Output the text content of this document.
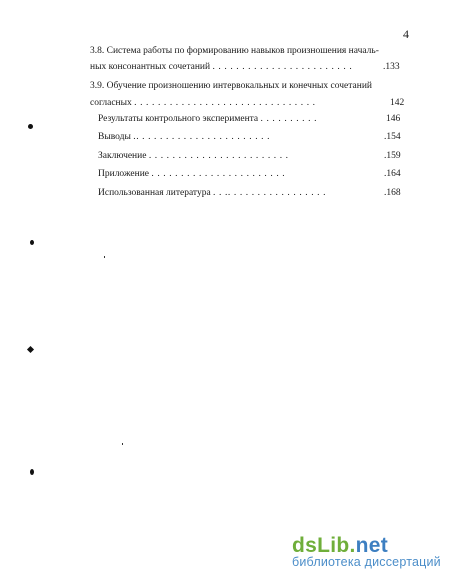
4
3.8. Система работы по формированию навыков произношения началь-
ных консонантных сочетаний . . . . . . . . . . . . . . . . . . . . . . . .	.133
3.9. Обучение произношению интервокальных и конечных сочетаний
согласных . . . . . . . . . . . . . . . . . . . . . . . . . . . . . . .	142
Результаты контрольного эксперимента . . . . . . . . . .	146
Выводы .. . . . . . . . . . . . . . . . . . . . . . .	.154
Заключение . . . . . . . . . . . . . . . . . . . . . . . .	.159
Приложение . . . . . . . . . . . . . . . . . . . . . . .	.164
Использованная литература . . .. . . . . . . . . . . . . . . . .	.168
dsLib.net
библиотека диссертаций
